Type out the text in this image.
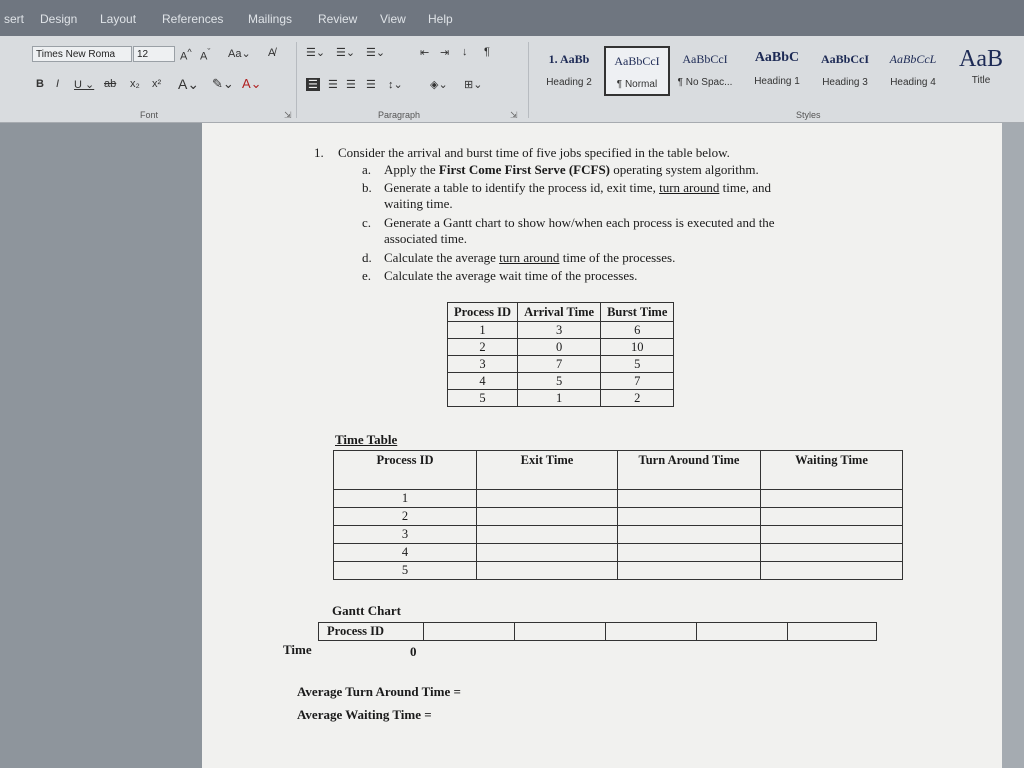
sert Design Layout References Mailings Review View Help
Times New Roma	12	A^ $A^ˇ$ Aa⌄ A̸
B I U ⌄ ab x₂ x² A⌄ ✎⌄ A⌄
Font	⇲
☰⌄ ☰⌄ ☰⌄	⇤ ⇥ ↓ ¶
☰ ☰ ☰ ☰ ↕⌄ ◈⌄ ⊞⌄
Paragraph	⇲
1. AaBb
Heading 2
AaBbCcI
¶ Normal
AaBbCcI
¶ No Spac...
AaBbC
Heading 1
AaBbCcI
Heading 3
AaBbCcL
Heading 4
AaB
Title
Styles
1. Consider the arrival and burst time of five jobs specified in the table below.
a. Apply the First Come First Serve (FCFS) operating system algorithm.
b. Generate a table to identify the process id, exit time, turn around time, and
waiting time.
c. Generate a Gantt chart to show how/when each process is executed and the
associated time.
d. Calculate the average turn around time of the processes.
e. Calculate the average wait time of the processes.
Process ID	Arrival Time	Burst Time
1	3	6
2	0	10
3	7	5
4	5	7
5	1	2
Time Table
Process ID	Exit Time	Turn Around Time	Waiting Time
1			
2			
3			
4			
5			
Gantt Chart
Process ID					
Time	0
Average Turn Around Time =
Average Waiting Time =
